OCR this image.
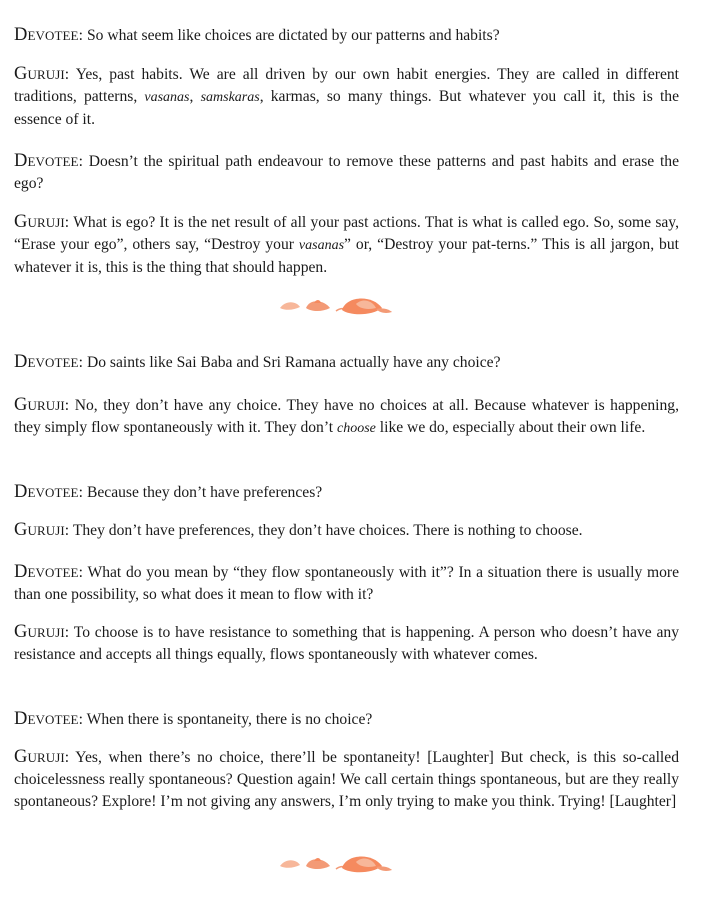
Devotee : So what seem like choices are dictated by our patterns and habits?

Guruji : Yes, past habits. We are all driven by our own habit energies. They are called in different traditions, patterns, vasanas, samskaras, karmas, so many things. But whatever you call it, this is the essence of it.

Devotee : Doesn’t the spiritual path endeavour to remove these patterns and past habits and erase the ego?

Guruji : What is ego? It is the net result of all your past actions. That is what is called ego. So, some say, “Erase your ego”, others say, “Destroy your vasanas” or, “Destroy your pat-terns.” This is all jargon, but whatever it is, this is the thing that should happen.

Devotee : Do saints like Sai Baba and Sri Ramana actually have any choice?

Guruji : No, they don’t have any choice. They have no choices at all. Because whatever is happening, they simply flow spontaneously with it. They don’t choose like we do, especially about their own life.

Devotee : Because they don’t have preferences?

Guruji : They don’t have preferences, they don’t have choices. There is nothing to choose.

Devotee : What do you mean by “they flow spontaneously with it”? In a situation there is usually more than one possibility, so what does it mean to flow with it?

Guruji : To choose is to have resistance to something that is happening. A person who doesn’t have any resistance and accepts all things equally, flows spontaneously with whatever comes.

Devotee : When there is spontaneity, there is no choice?

Guruji : Yes, when there’s no choice, there’ll be spontaneity! [Laughter] But check, is this so-called choicelessness really spontaneous? Question again! We call certain things spontaneous, but are they really spontaneous? Explore! I’m not giving any answers, I’m only trying to make you think. Trying! [Laughter]
